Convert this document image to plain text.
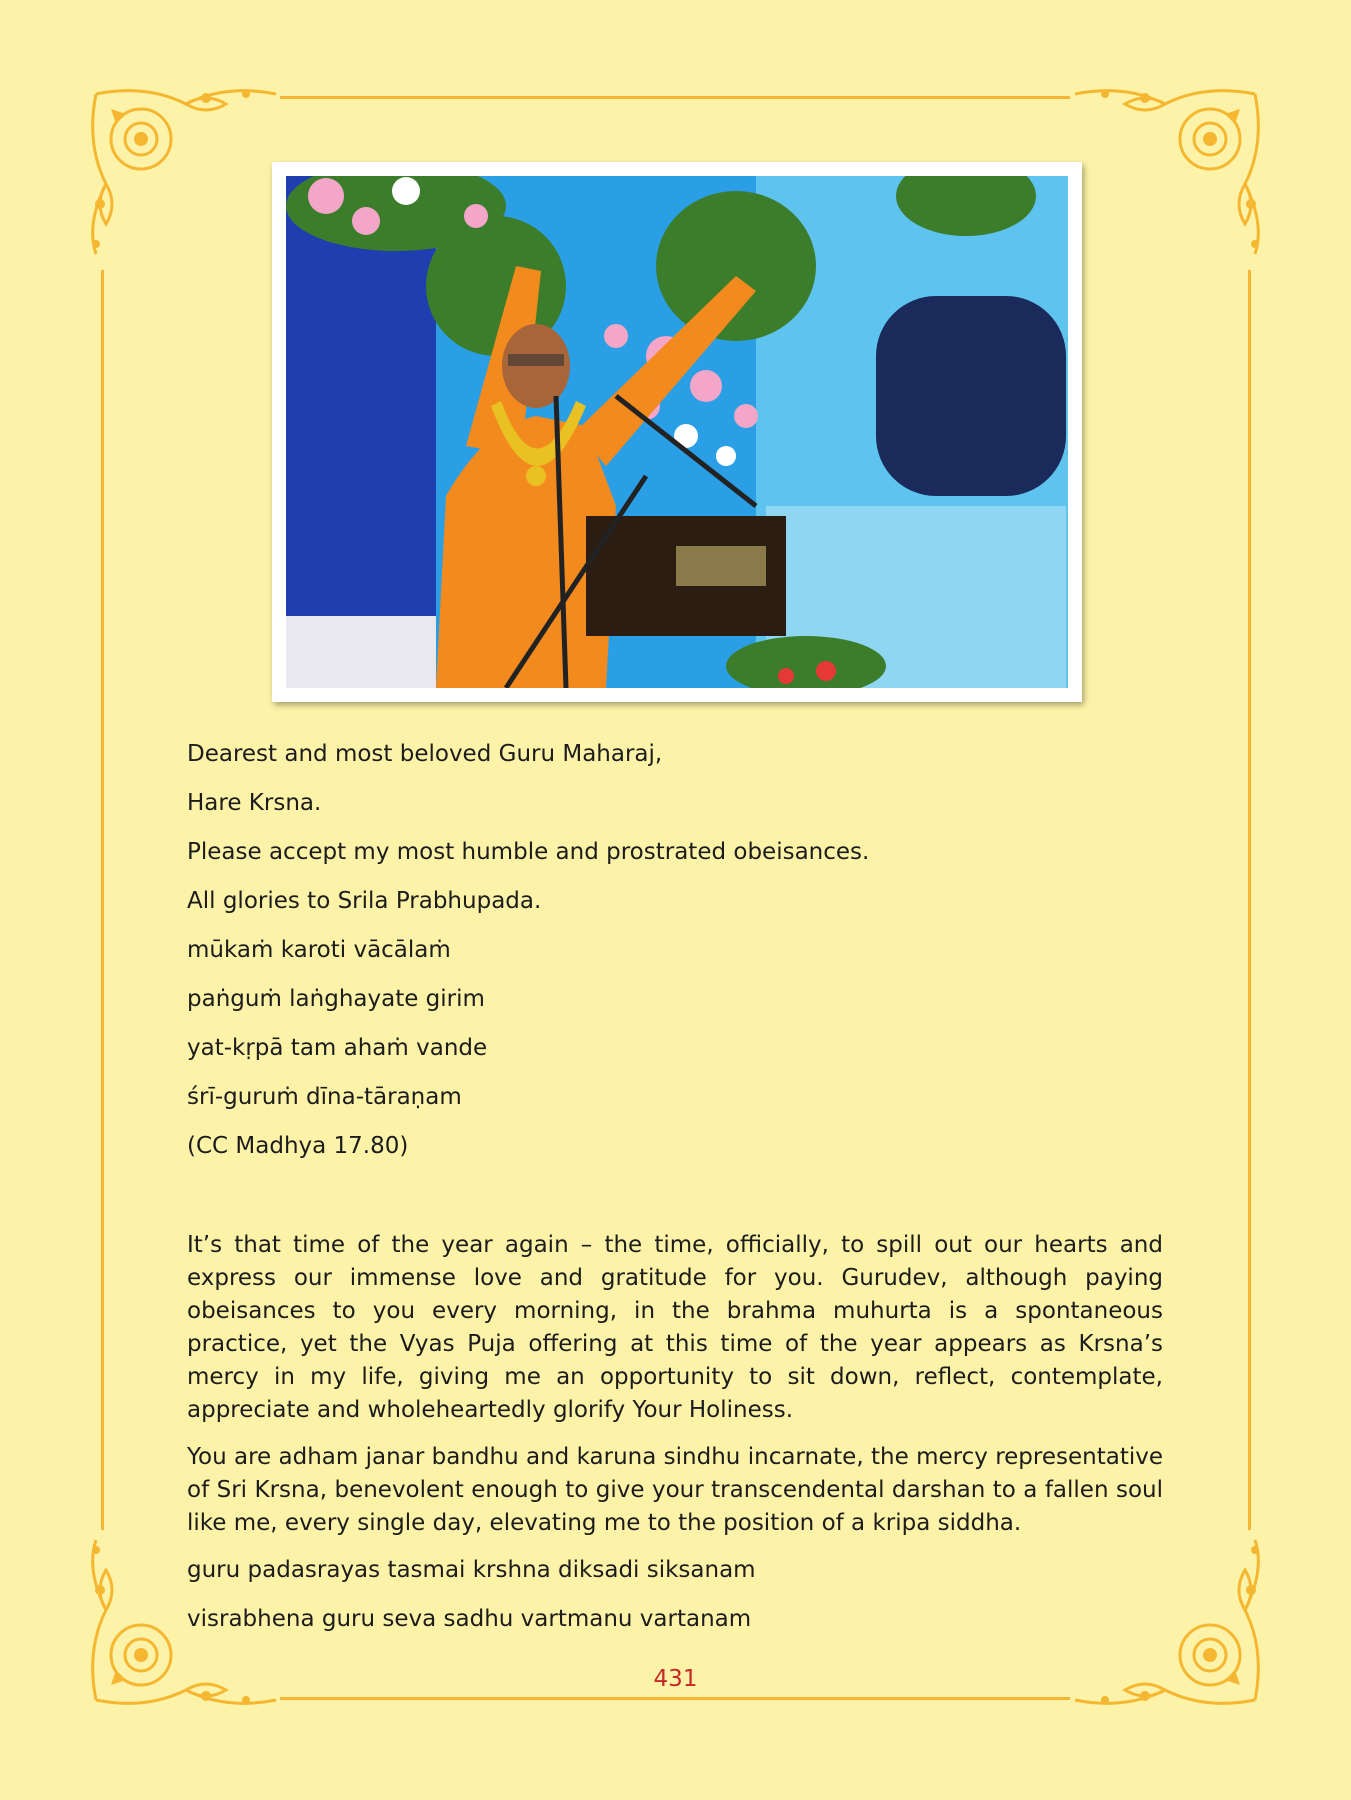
Dearest and most beloved Guru Maharaj,

Hare Krsna.

Please accept my most humble and prostrated obeisances.

All glories to Srila Prabhupada.

mūkaṁ karoti vācālaṁ

paṅguṁ laṅghayate girim

yat-kṛpā tam ahaṁ vande

śrī-guruṁ dīna-tāraṇam

(CC Madhya 17.80)

It’s that time of the year again – the time, officially, to spill out our hearts and express our immense love and gratitude for you. Gurudev, although paying obeisances to you every morning, in the brahma muhurta is a spontaneous practice, yet the Vyas Puja offering at this time of the year appears as Krsna’s mercy in my life, giving me an opportunity to sit down, reflect, contemplate, appreciate and wholeheartedly glorify Your Holiness.

You are adham janar bandhu and karuna sindhu incarnate, the mercy representative of Sri Krsna, benevolent enough to give your transcendental darshan to a fallen soul like me, every single day, elevating me to the position of a kripa siddha.

guru padasrayas tasmai krshna diksadi siksanam

visrabhena guru seva sadhu vartmanu vartanam

431
